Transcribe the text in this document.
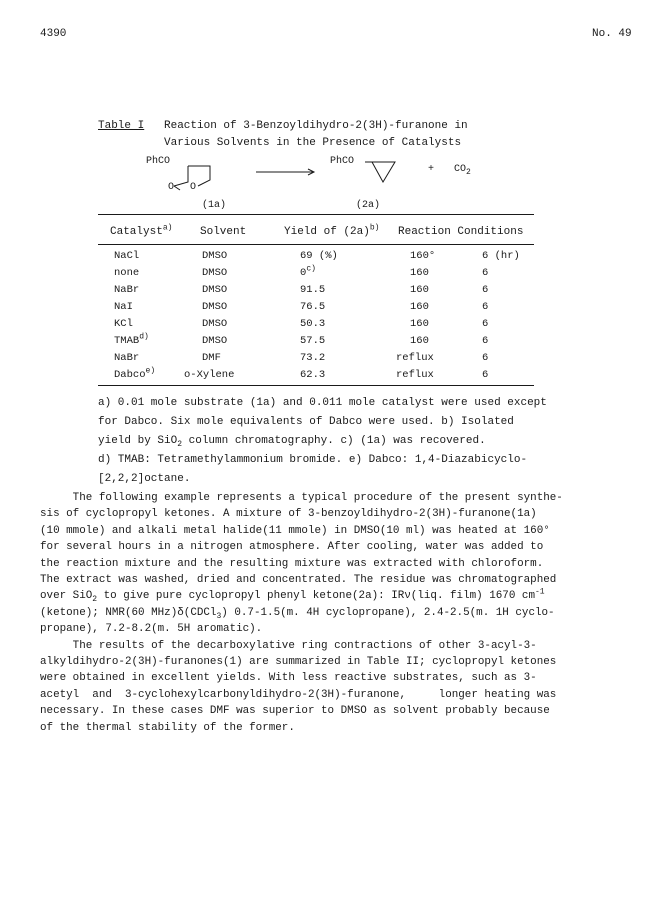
4390	No. 49
Table I Reaction of 3-Benzoyldihydro-2(3H)-furanone in
Various Solvents in the Presence of Catalysts
PhCO
O O
PhCO
+ $CO_2$
(1a)	(2a)
Catalyst$^{a)}$	Solvent	Yield of $(2a)^{b)}$ Reaction Conditions
NaCl	DMSO	69 (%)	160°	6 (hr)
none	DMSO	0$^{c)}$	160	6
NaBr	DMSO	91.5	160	6
NaI	DMSO	76.5	160	6
KCl	DMSO	50.3	160	6
TMAB$^{d)}$	DMSO	57.5	160	6
NaBr	DMF	73.2	reflux	6
Dabco$^{e)}$	o-Xylene	62.3	reflux	6
a) 0.01 mole substrate (1a) and 0.011 mole catalyst were used except
for Dabco. Six mole equivalents of Dabco were used. b) Isolated
yield by SiO$_2$ column chromatography. c) (1a) was recovered.
d) TMAB: Tetramethylammonium bromide. e) Dabco: 1,4-Diazabicyclo-
[2,2,2]octane.
The following example represents a typical procedure of the present synthe-
sis of cyclopropyl ketones. A mixture of 3-benzoyldihydro-2(3H)-furanone(1a)
(10 mmole) and alkali metal halide(11 mmole) in DMSO(10 ml) was heated at 160°
for several hours in a nitrogen atmosphere. After cooling, water was added to
the reaction mixture and the resulting mixture was extracted with chloroform.
The extract was washed, dried and concentrated. The residue was chromatographed
over SiO$_2$ to give pure cyclopropyl phenyl ketone(2a): IRν(liq. film) 1670 $cm^{-1}$
(ketone); NMR(60 MHz)δ(CDCl$_3$) 0.7-1.5(m. 4H cyclopropane), 2.4-2.5(m. 1H cyclo-
propane), 7.2-8.2(m. 5H aromatic).
The results of the decarboxylative ring contractions of other 3-acyl-3-
alkyldihydro-2(3H)-furanones(1) are summarized in Table II; cyclopropyl ketones
were obtained in excellent yields. With less reactive substrates, such as 3-
acetyl  and  3-cyclohexylcarbonyldihydro-2(3H)-furanone,     longer heating was
necessary. In these cases DMF was superior to DMSO as solvent probably because
of the thermal stability of the former.
